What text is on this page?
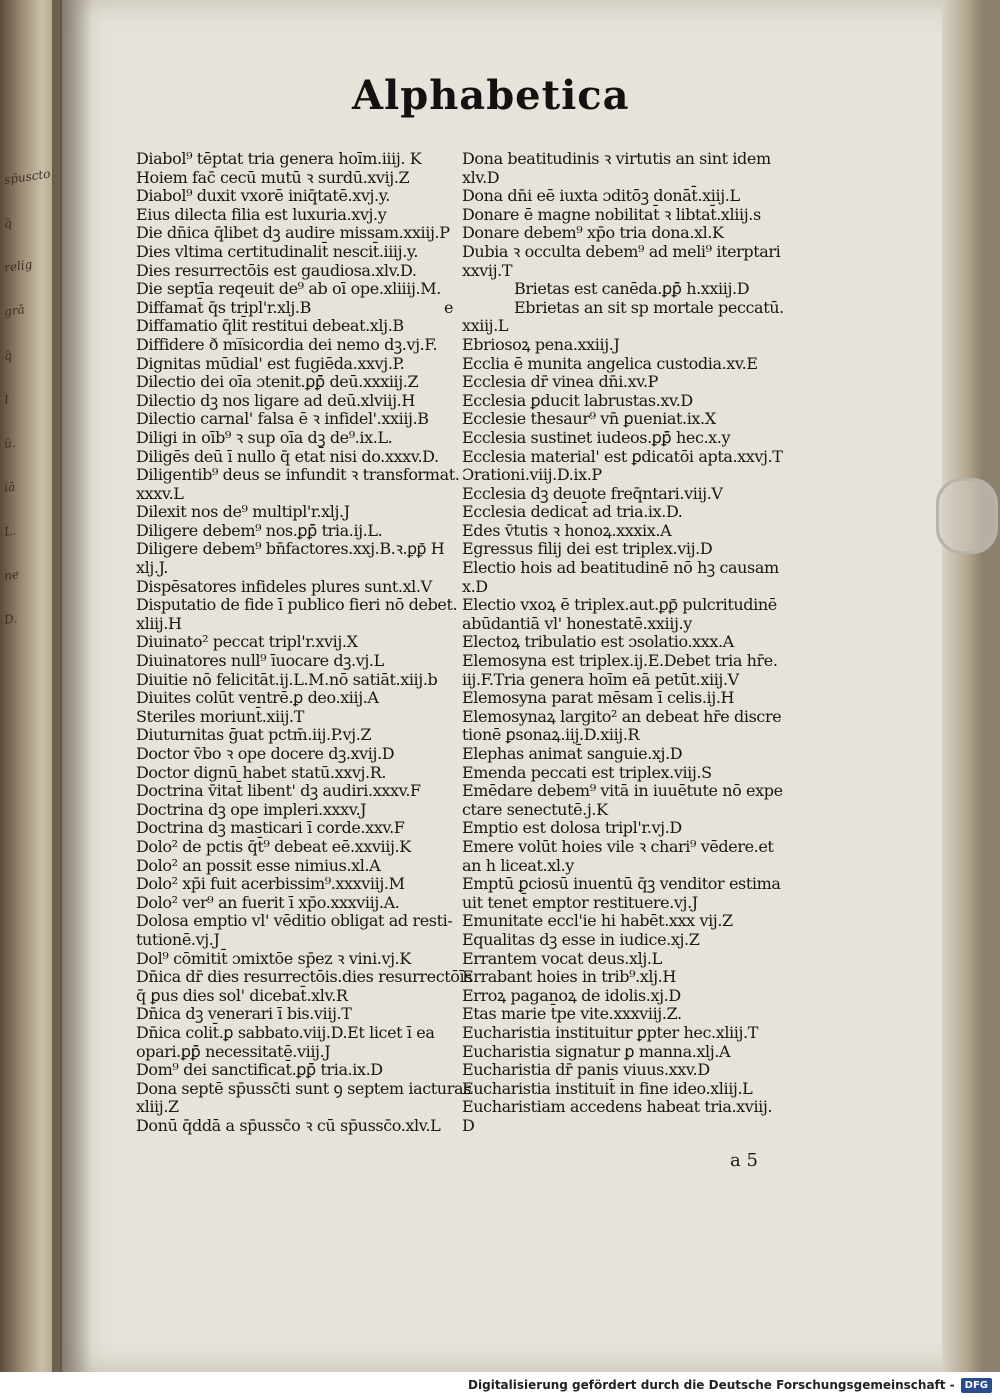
sp̄uscto
q̄
relig
grā
q̄
I
ū.
iā
L.
ne
D.
Alphabetica
Diabol⁹ tēptat tria genera hoīm.iiij. K
Hoiem fac̄ cecū mutū ꝛ surdū.xvij.Z
Diabol⁹ duxit vxorē iniq̄tatē.xvj.y.
Eius dilecta filia est luxuria.xvj.y
Die dn̄ica q̄libet dꝫ audire missam.xxiij.P
Dies vltima certitudinalit̄ nescit̄.iiij.y.
Dies resurrectōis est gaudiosa.xlv.D.
Die septīa reqeuit de⁹ ab oī ope.xliiij.M.
Diffamat̄ q̄s tripl'r.xlj.B
Diffamatio q̄lit̄ restitui debeat.xlj.B
Diffidere ð mi̅sicordia dei nemo dꝫ.vj.F.
Dignitas mūdial' est fugiēda.xxvj.P.
Dilectio dei oīa ɔtenit.ꝑꝑ̄ deū.xxxiij.Z
Dilectio dꝫ nos ligare ad deū.xlviij.H
Dilectio carnal' falsa ē ꝛ infidel'.xxiij.B
Diligi in oīb⁹ ꝛ sup oīa dꝫ de⁹.ix.L.
Diligēs deū ī nullo q̄ etat̄ nisi do.xxxv.D.
Diligentib⁹ deus se infundit ꝛ transformat.
xxxv.L
Dilexit nos de⁹ multipl'r.xlj.J
Diligere debem⁹ nos.ꝑꝑ̄ tria.ij.L.
Diligere debem⁹ bn̄factores.xxj.B.ꝛ.ꝑꝑ̄ H
xlj.J.
Dispēsatores infideles plures sunt.xl.V
Disputatio de fide ī publico fieri nō debet.
xliij.H
Diuinato² peccat tripl'r.xvij.X
Diuinatores null⁹ īuocare dꝫ.vj.L
Diuitie nō felicitāt.ij.L.M.nō satiāt.xiij.b
Diuites colūt ventrē.ꝑ deo.xiij.A
Steriles moriunt̄.xiij.T
Diuturnitas ḡuat pctm̄.iij.P.vj.Z
Doctor v̄bo ꝛ ope docere dꝫ.xvij.D
Doctor dignū habet statū.xxvj.R.
Doctrina v̄itat̄ libent' dꝫ audiri.xxxv.F
Doctrina dꝫ ope impleri.xxxv.J
Doctrina dꝫ masticari ī corde.xxv.F
Dolo² de pctis q̄t̄⁹ debeat eē.xxviij.K
Dolo² an possit esse nimius.xl.A
Dolo² xp̄i fuit acerbissim⁹.xxxviij.M
Dolo² ver⁹ an fuerit ī xp̄o.xxxviij.A.
Dolosa emptio vl' vēditio obligat ad resti-
tutionē.vj.J
Dol⁹ cōmitit̄ ɔmixtōe sp̄ez ꝛ vini.vj.K
Dn̄ica dr̄ dies resurrectōis.dies resurrectōīs
q̄ ꝑus dies sol' dicebat̄.xlv.R
Dn̄ica dꝫ venerari ī bis.viij.T
Dn̄ica colit̄.ꝑ sabbato.viij.D.Et licet ī ea
opari.ꝑꝑ̄ necessitatē.viij.J
Dom⁹ dei sanctificat̄.ꝑꝑ̄ tria.ix.D
Dona septē sp̄ussc̄ti sunt ꝯ septem iacturas
xliij.Z
Donū q̄ddā a sp̄ussc̄o ꝛ cū sp̄ussc̄o.xlv.L
Dona beatitudinis ꝛ virtutis an sint idem
xlv.D
Dona dn̄i eē iuxta ɔditōꝫ donāt̄.xiij.L
Donare ē magne nobilitat̄ ꝛ libtat̄.xliij.s
Donare debem⁹ xp̄o tria dona.xl.K
Dubia ꝛ occulta debem⁹ ad meli⁹ iterptari
xxvij.T
Brietas est canēda.ꝑꝑ̄ h.xxiij.D
e	Ebrietas an sit sp mortale peccatū.
xxiij.L
Ebriosoꝝ pena.xxiij.J
Ecclia ē munita angelica custodia.xv.E
Ecclesia dr̄ vinea dn̄i.xv.P
Ecclesia ꝑducit labrustas.xv.D
Ecclesie thesaur⁹ vn̄ ꝑueniat.ix.X
Ecclesia sustinet iudeos.ꝑꝑ̄ hec.x.y
Ecclesia material' est ꝑdicatōi apta.xxvj.T
Ɔrationi.viij.D.ix.P
Ecclesia dꝫ deuote freq̄ntari.viij.V
Ecclesia dedicat̄ ad tria.ix.D.
Edes v̄tutis ꝛ honoꝝ.xxxix.A
Egressus filij dei est triplex.vij.D
Electio hois ad beatitudinē nō hꝫ causam
x.D
Electio vxoꝝ ē triplex.aut.ꝑꝑ̄ pulcritudinē
abūdantiā vl' honestatē.xxiij.y
Electoꝝ tribulatio est ɔsolatio.xxx.A
Elemosyna est triplex.ij.E.Debet tria hr̄e.
iij.F.Tria genera hoīm eā petūt.xiij.V
Elemosyna parat mēsam ī celis.ij.H
Elemosynaꝝ largito² an debeat hr̄e discre
tionē ꝑsonaꝝ.iij.D.xiij.R
Elephas animat̄ sanguie.xj.D
Emenda peccati est triplex.viij.S
Emēdare debem⁹ vitā in iuuētute nō expe
ctare senectutē.j.K
Emptio est dolosa tripl'r.vj.D
Emere volūt hoies vile ꝛ chari⁹ vēdere.et
an h liceat.xl.y
Emptū ꝑciosū inuentū q̄ꝫ venditor estima
uit tenet̄ emptor restituere.vj.J
Emunitate eccl'ie hi habēt.xxx vij.Z
Equalitas dꝫ esse in iudice.xj.Z
Errantem vocat deus.xlj.L
Errabant hoies in trib⁹.xlj.H
Erroꝝ paganoꝝ de idolis.xj.D
Etas marie t̄pe vite.xxxviij.Z.
Eucharistia instituitur ꝑpter hec.xliij.T
Eucharistia signatur ꝑ manna.xlj.A
Eucharistia dr̄ panis viuus.xxv.D
Eucharistia instituit̄ in fine ideo.xliij.L
Eucharistiam accedens habeat tria.xviij.
D
a 5
Digitalisierung gefördert durch die Deutsche Forschungsgemeinschaft -	DFG
